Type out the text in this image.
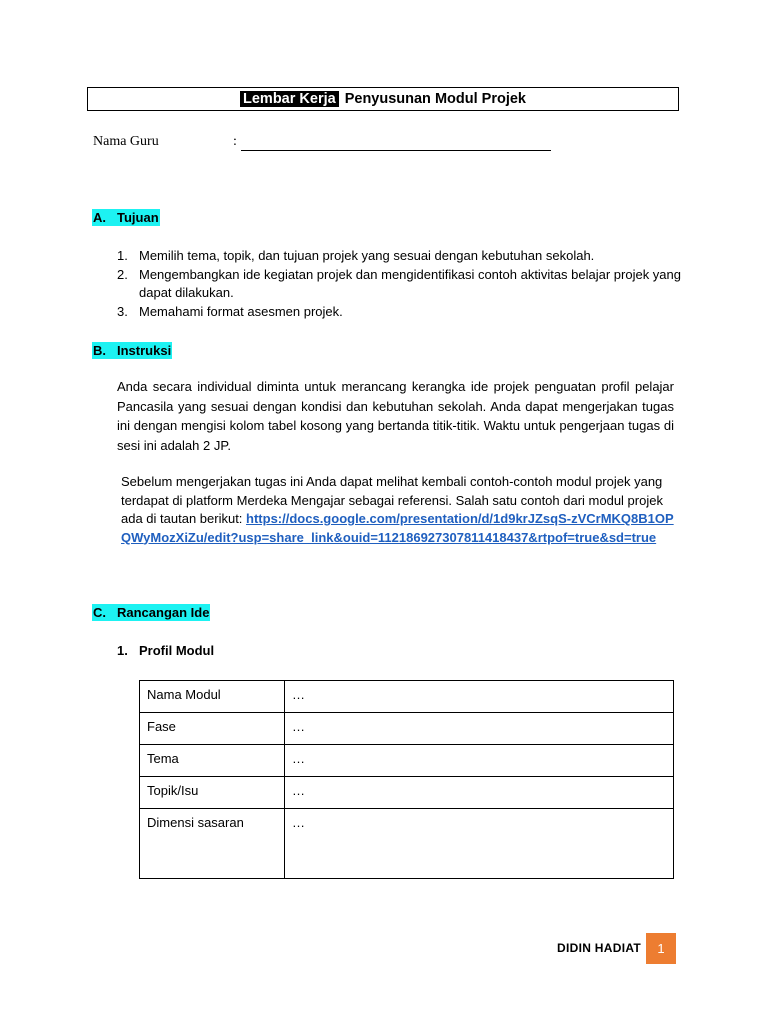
Lembar Kerja Penyusunan Modul Projek
Nama Guru	:
A. Tujuan
1. Memilih tema, topik, dan tujuan projek yang sesuai dengan kebutuhan sekolah.
2. Mengembangkan ide kegiatan projek dan mengidentifikasi contoh aktivitas belajar projek yang dapat dilakukan.
3. Memahami format asesmen projek.
B. Instruksi
Anda secara individual diminta untuk merancang kerangka ide projek penguatan profil pelajar Pancasila yang sesuai dengan kondisi dan kebutuhan sekolah. Anda dapat mengerjakan tugas ini dengan mengisi kolom tabel kosong yang bertanda titik-titik. Waktu untuk pengerjaan tugas di sesi ini adalah 2 JP.
Sebelum mengerjakan tugas ini Anda dapat melihat kembali contoh-contoh modul projek yang terdapat di platform Merdeka Mengajar sebagai referensi. Salah satu contoh dari modul projek ada di tautan berikut: https://docs.google.com/presentation/d/1d9krJZsqS-zVCrMKQ8B1OPQWyMozXiZu/edit?usp=share_link&ouid=112186927307811418437&rtpof=true&sd=true
C. Rancangan Ide
1. Profil Modul
Nama Modul	…
Fase	…
Tema	…
Topik/Isu	…
Dimensi sasaran	…
DIDIN HADIAT	1
